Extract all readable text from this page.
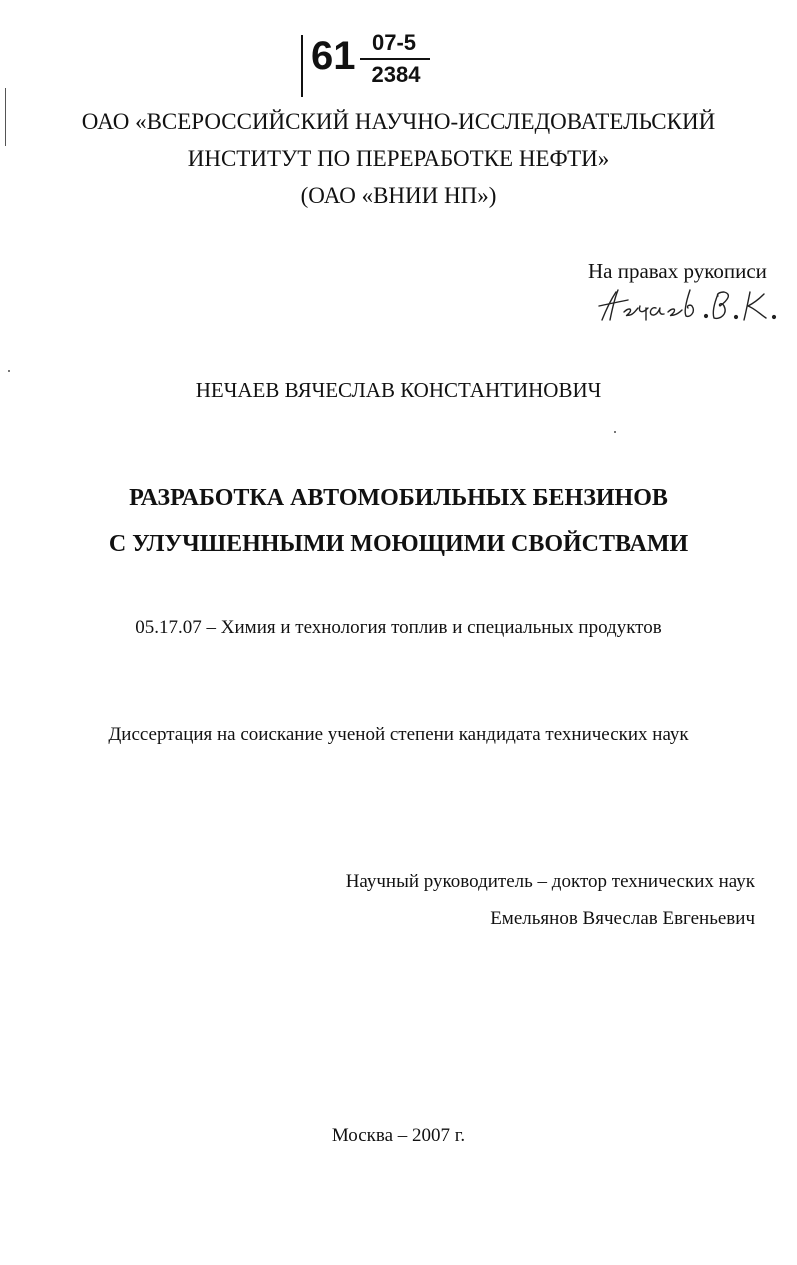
61 07-5
2384
ОАО «ВСЕРОССИЙСКИЙ НАУЧНО-ИССЛЕДОВАТЕЛЬСКИЙ
ИНСТИТУТ ПО ПЕРЕРАБОТКЕ НЕФТИ»
(ОАО «ВНИИ НП»)
На правах рукописи
НЕЧАЕВ ВЯЧЕСЛАВ КОНСТАНТИНОВИЧ
РАЗРАБОТКА АВТОМОБИЛЬНЫХ БЕНЗИНОВ
С УЛУЧШЕННЫМИ МОЮЩИМИ СВОЙСТВАМИ
05.17.07 – Химия и технология топлив и специальных продуктов
Диссертация на соискание ученой степени кандидата технических наук
Научный руководитель – доктор технических наук
Емельянов Вячеслав Евгеньевич
Москва – 2007 г.
